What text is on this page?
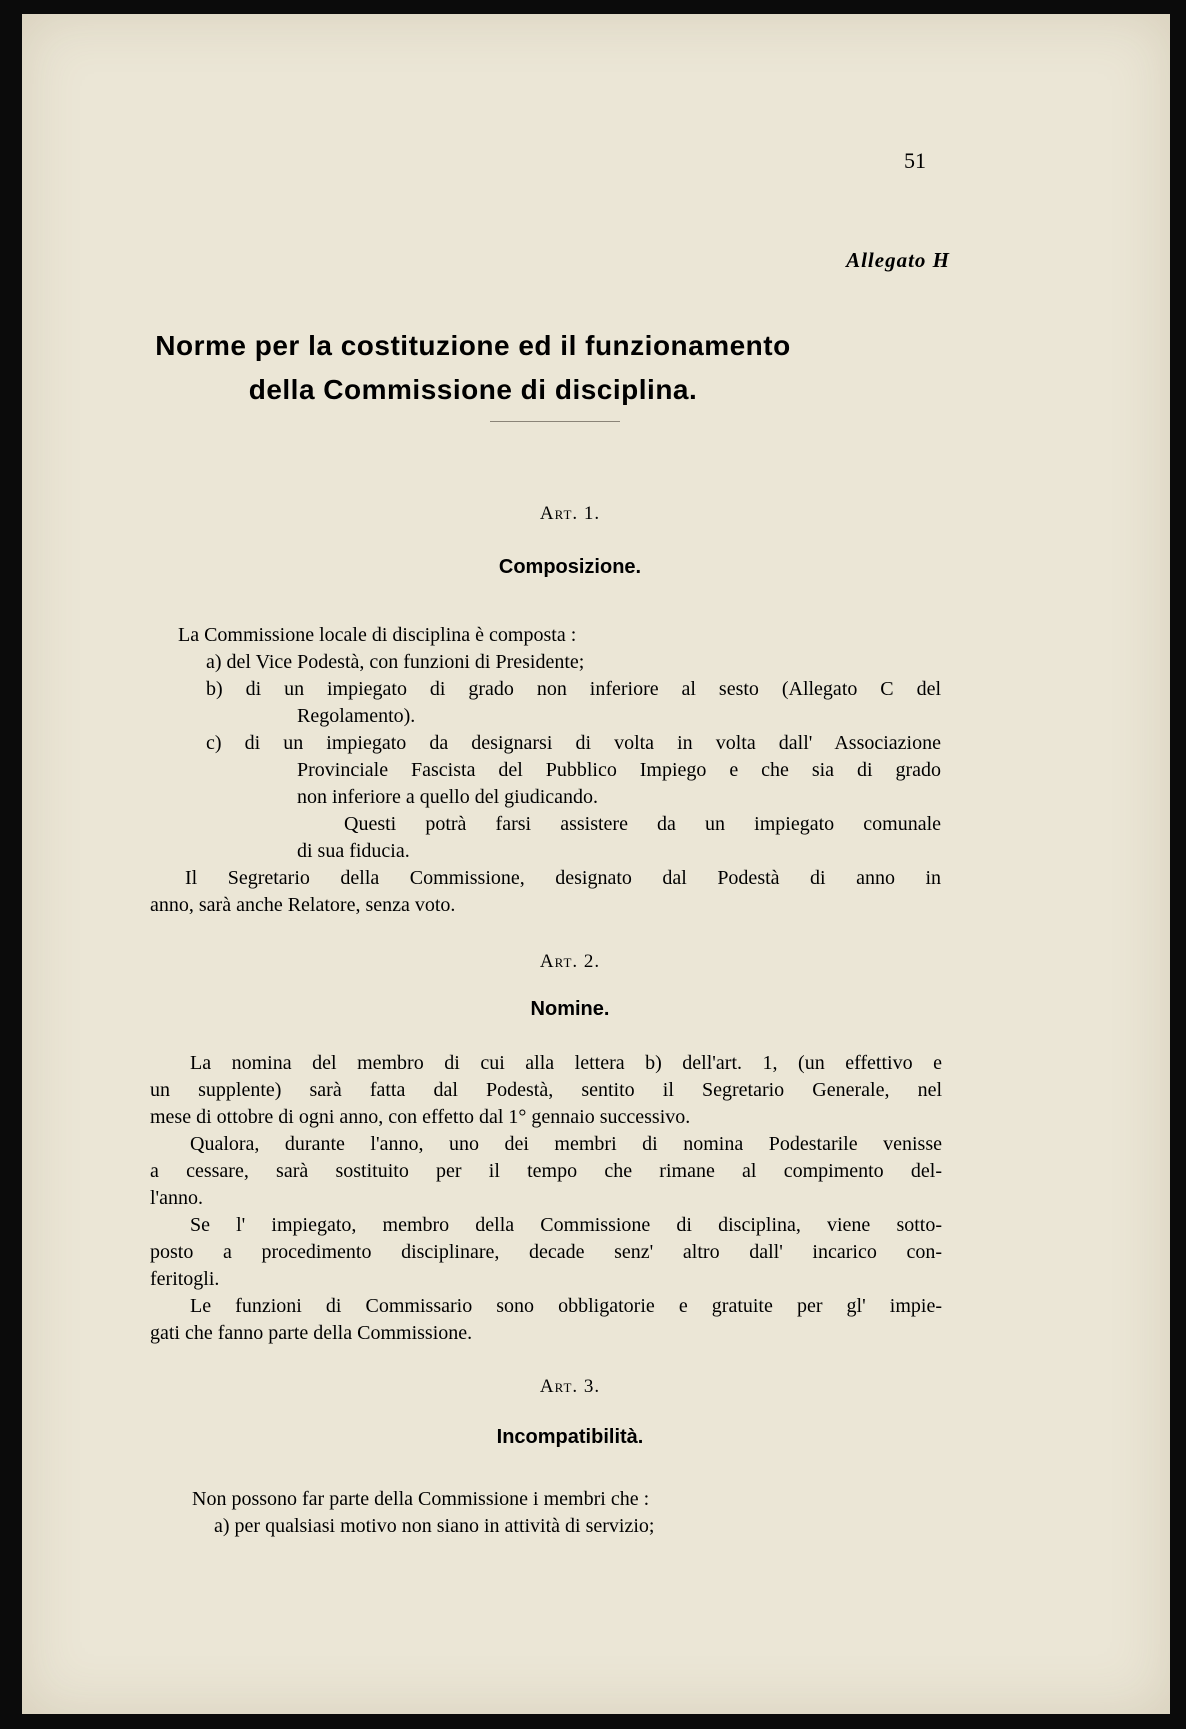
51
Allegato H
Norme per la costituzione ed il funzionamento
della Commissione di disciplina.
Art. 1.
Composizione.
La Commissione locale di disciplina è composta :
a) del Vice Podestà, con funzioni di Presidente;
b) di un impiegato di grado non inferiore al sesto (Allegato C del
Regolamento).
c) di un impiegato da designarsi di volta in volta dall' Associazione
Provinciale Fascista del Pubblico Impiego e che sia di grado
non inferiore a quello del giudicando.
Questi potrà farsi assistere da un impiegato comunale
di sua fiducia.
Il Segretario della Commissione, designato dal Podestà di anno in
anno, sarà anche Relatore, senza voto.
Art. 2.
Nomine.
La nomina del membro di cui alla lettera b) dell'art. 1, (un effettivo e
un supplente) sarà fatta dal Podestà, sentito il Segretario Generale, nel
mese di ottobre di ogni anno, con effetto dal 1° gennaio successivo.
Qualora, durante l'anno, uno dei membri di nomina Podestarile venisse
a cessare, sarà sostituito per il tempo che rimane al compimento del-
l'anno.
Se l' impiegato, membro della Commissione di disciplina, viene sotto-
posto a procedimento disciplinare, decade senz' altro dall' incarico con-
feritogli.
Le funzioni di Commissario sono obbligatorie e gratuite per gl' impie-
gati che fanno parte della Commissione.
Art. 3.
Incompatibilità.
Non possono far parte della Commissione i membri che :
a) per qualsiasi motivo non siano in attività di servizio;
